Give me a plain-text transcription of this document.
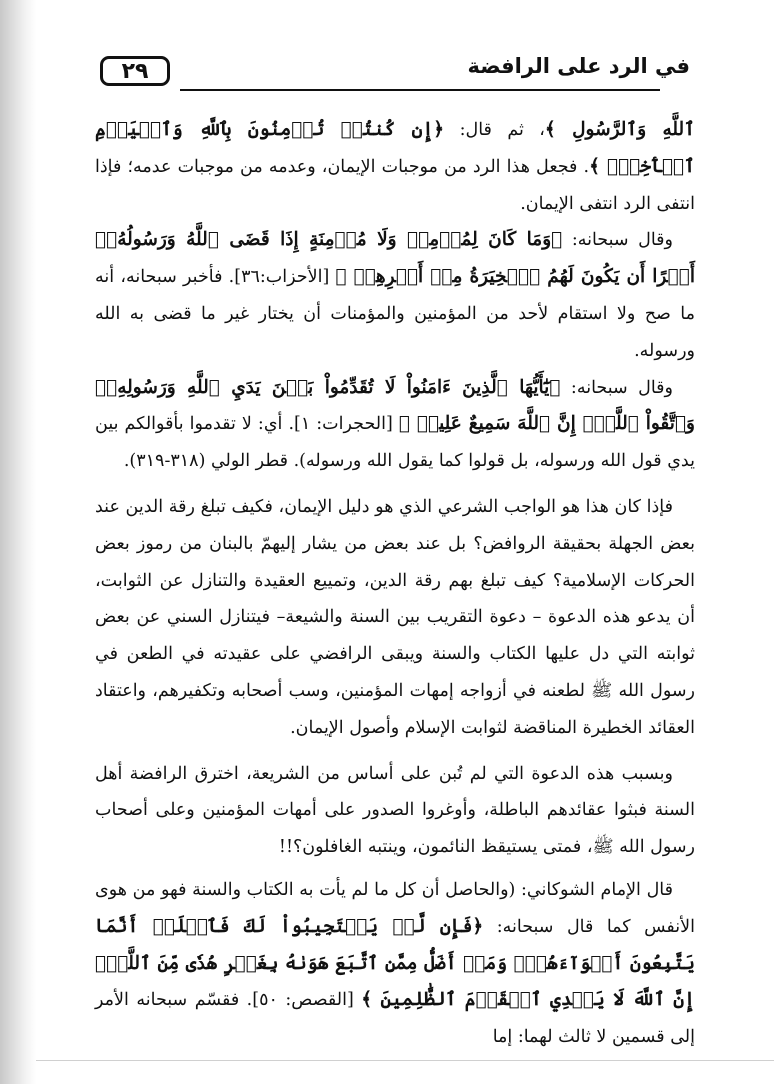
٢٩	في الرد على الرافضة

ٱللَّهِ وَٱلرَّسُولِ ﴾، ثم قال: ﴿إِن كُنتُمۡ تُؤۡمِنُونَ بِٱللَّهِ وَٱلۡيَوۡمِ ٱلۡأٓخِرِۚ ﴾. فجعل هذا الرد من موجبات الإيمان، وعدمه من موجبات عدمه؛ فإذا انتفى الرد انتفى الإيمان.

وقال سبحانه: ﴿وَمَا كَانَ لِمُؤۡمِنٖ وَلَا مُؤۡمِنَةٍ إِذَا قَضَى ٱللَّهُ وَرَسُولُهُۥٓ أَمۡرًا أَن يَكُونَ لَهُمُ ٱلۡخِيَرَةُ مِنۡ أَمۡرِهِمۡ ﴾ [الأحزاب:٣٦]. فأخبر سبحانه، أنه ما صح ولا استقام لأحد من المؤمنين والمؤمنات أن يختار غير ما قضى به الله ورسوله.

وقال سبحانه: ﴿يَٰٓأَيُّهَا ٱلَّذِينَ ءَامَنُواْ لَا تُقَدِّمُواْ بَيۡنَ يَدَيِ ٱللَّهِ وَرَسُولِهِۦۖ وَٱتَّقُواْ ٱللَّهَۚ إِنَّ ٱللَّهَ سَمِيعٌ عَلِيمٞ ﴾ [الحجرات: ١]. أي: لا تقدموا بأقوالكم بين يدي قول الله ورسوله، بل قولوا كما يقول الله ورسوله). قطر الولي (٣١٨-٣١٩).

فإذا كان هذا هو الواجب الشرعي الذي هو دليل الإيمان، فكيف تبلغ رقة الدين عند بعض الجهلة بحقيقة الروافض؟ بل عند بعض من يشار إليهمّ بالبنان من رموز بعض الحركات الإسلامية؟ كيف تبلغ بهم رقة الدين، وتمييع العقيدة والتنازل عن الثوابت، أن يدعو هذه الدعوة – دعوة التقريب بين السنة والشيعة– فيتنازل السني عن بعض ثوابته التي دل عليها الكتاب والسنة ويبقى الرافضي على عقيدته في الطعن في رسول الله ﷺ لطعنه في أزواجه إمهات المؤمنين، وسب أصحابه وتكفيرهم، واعتقاد العقائد الخطيرة المناقضة لثوابت الإسلام وأصول الإيمان.

وبسبب هذه الدعوة التي لم تُبن على أساس من الشريعة، اخترق الرافضة أهل السنة فبثوا عقائدهم الباطلة، وأوغروا الصدور على أمهات المؤمنين وعلى أصحاب رسول الله ﷺ، فمتى يستيقظ النائمون، وينتبه الغافلون؟!!

قال الإمام الشوكاني: (والحاصل أن كل ما لم يأت به الكتاب والسنة فهو من هوى الأنفس كما قال سبحانه: ﴿فَإِن لَّمۡ يَسۡتَجِيبُواْ لَكَ فَٱعۡلَمۡ أَنَّمَا يَتَّبِعُونَ أَهۡوَآءَهُمۡۚ وَمَنۡ أَضَلُّ مِمَّنِ ٱتَّبَعَ هَوَىٰهُ بِغَيۡرِ هُدٗى مِّنَ ٱللَّهِۚ إِنَّ ٱللَّهَ لَا يَهۡدِي ٱلۡقَوۡمَ ٱلظَّٰلِمِينَ ﴾ [القصص: ٥٠]. فقسّم سبحانه الأمر إلى قسمين لا ثالث لهما: إما
